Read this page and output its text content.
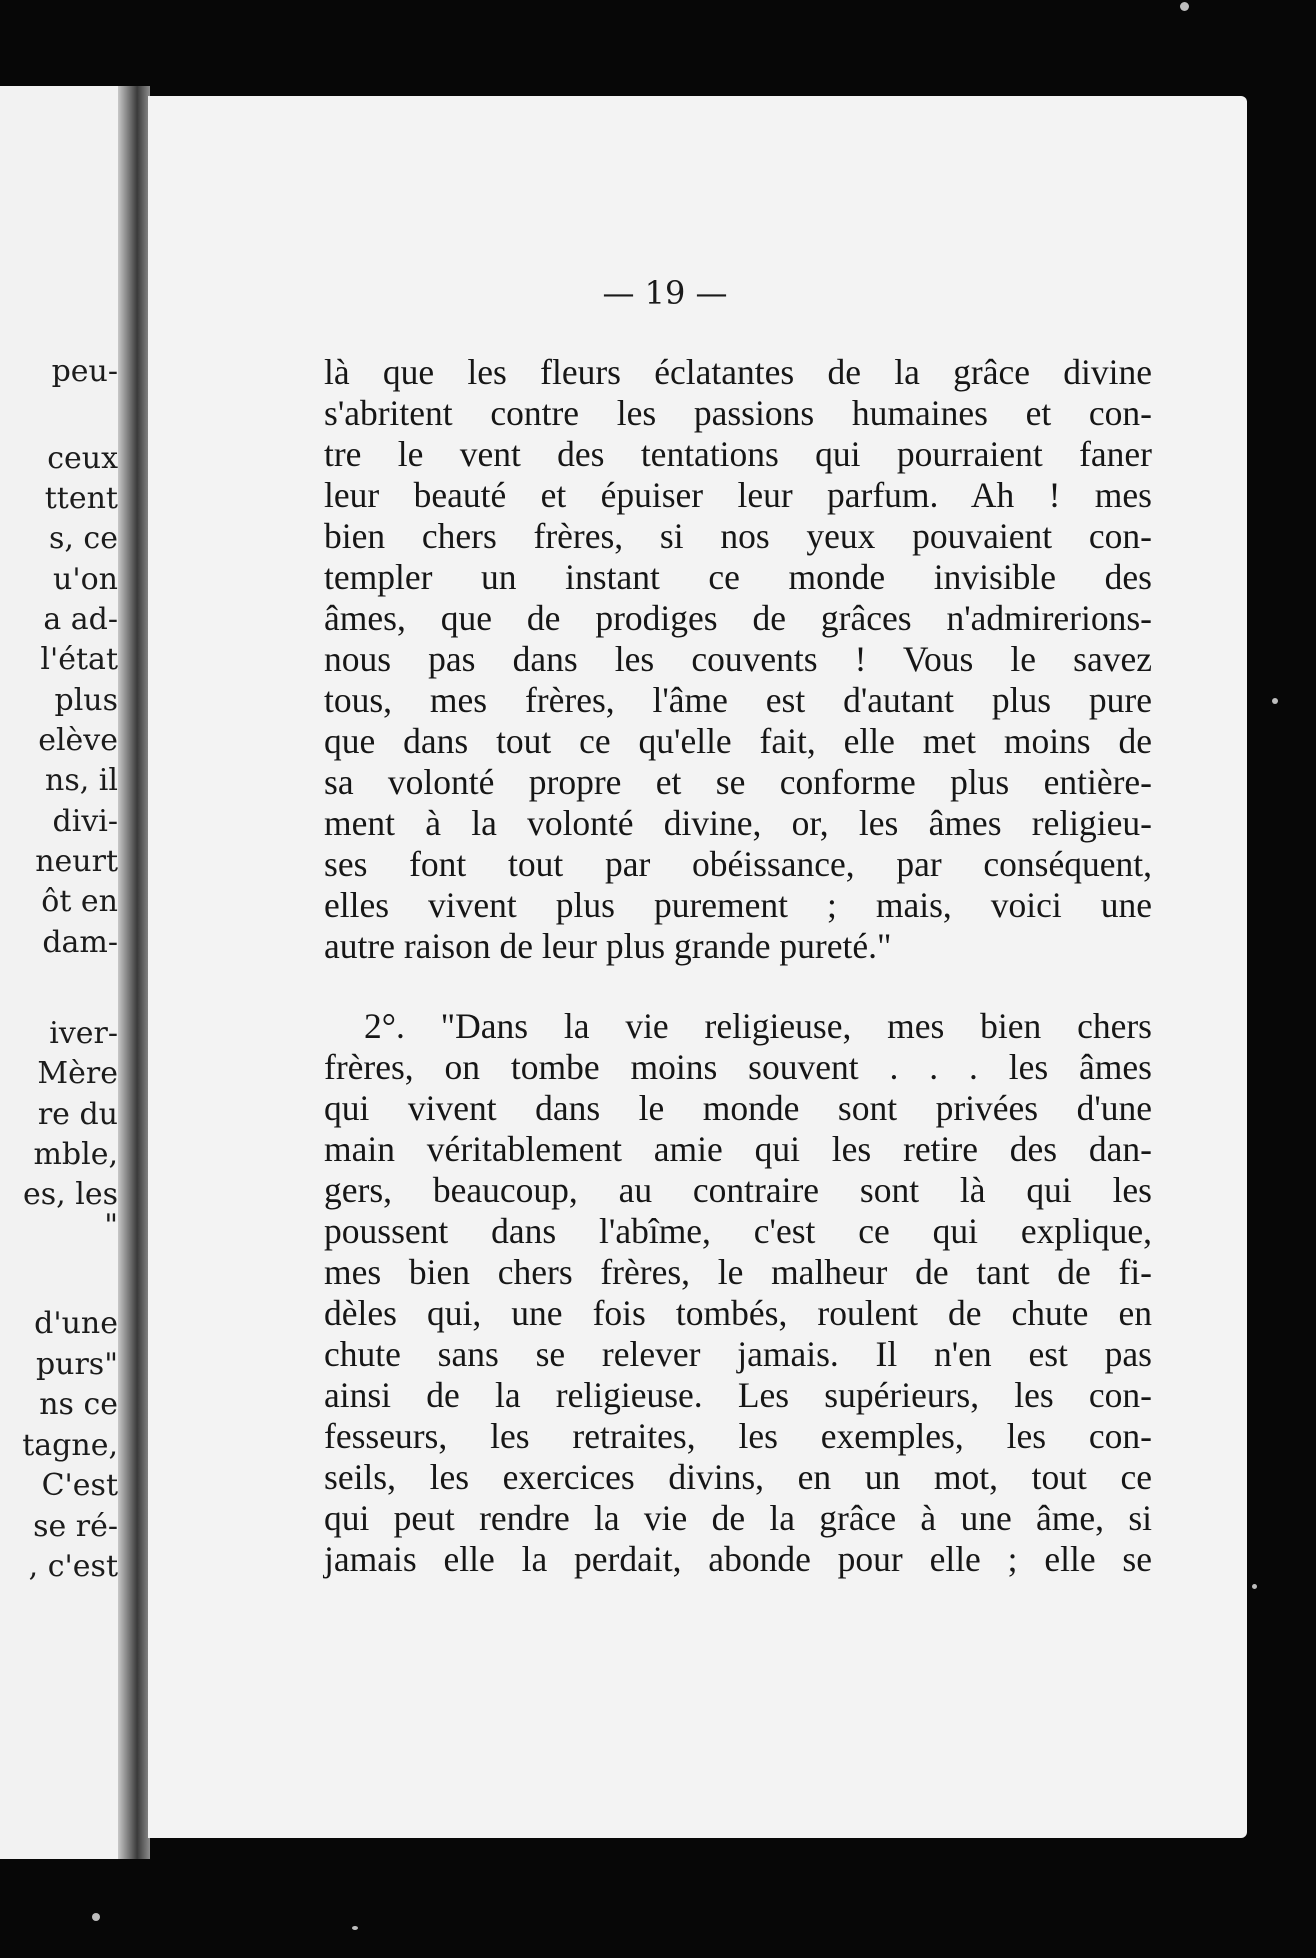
peu-
ceux
ttent
s, ce
u'on
a ad-
l'état
plus
elève
ns, il
divi-
neurt
ôt en
dam-
iver-
Mère
re du
mble,
es, les
"
d'une
purs"
ns ce
tagne,
C'est
se ré-
, c'est
— 19 —
là que les fleurs éclatantes de la grâce divine
s'abritent contre les passions humaines et con-
tre le vent des tentations qui pourraient faner
leur beauté et épuiser leur parfum. Ah ! mes
bien chers frères, si nos yeux pouvaient con-
templer un instant ce monde invisible des
âmes, que de prodiges de grâces n'admirerions-
nous pas dans les couvents ! Vous le savez
tous, mes frères, l'âme est d'autant plus pure
que dans tout ce qu'elle fait, elle met moins de
sa volonté propre et se conforme plus entière-
ment à la volonté divine, or, les âmes religieu-
ses font tout par obéissance, par conséquent,
elles vivent plus purement ; mais, voici une
autre raison de leur plus grande pureté."
2°. "Dans la vie religieuse, mes bien chers
frères, on tombe moins souvent . . . les âmes
qui vivent dans le monde sont privées d'une
main véritablement amie qui les retire des dan-
gers, beaucoup, au contraire sont là qui les
poussent dans l'abîme, c'est ce qui explique,
mes bien chers frères, le malheur de tant de fi-
dèles qui, une fois tombés, roulent de chute en
chute sans se relever jamais. Il n'en est pas
ainsi de la religieuse. Les supérieurs, les con-
fesseurs, les retraites, les exemples, les con-
seils, les exercices divins, en un mot, tout ce
qui peut rendre la vie de la grâce à une âme, si
jamais elle la perdait, abonde pour elle ; elle se
